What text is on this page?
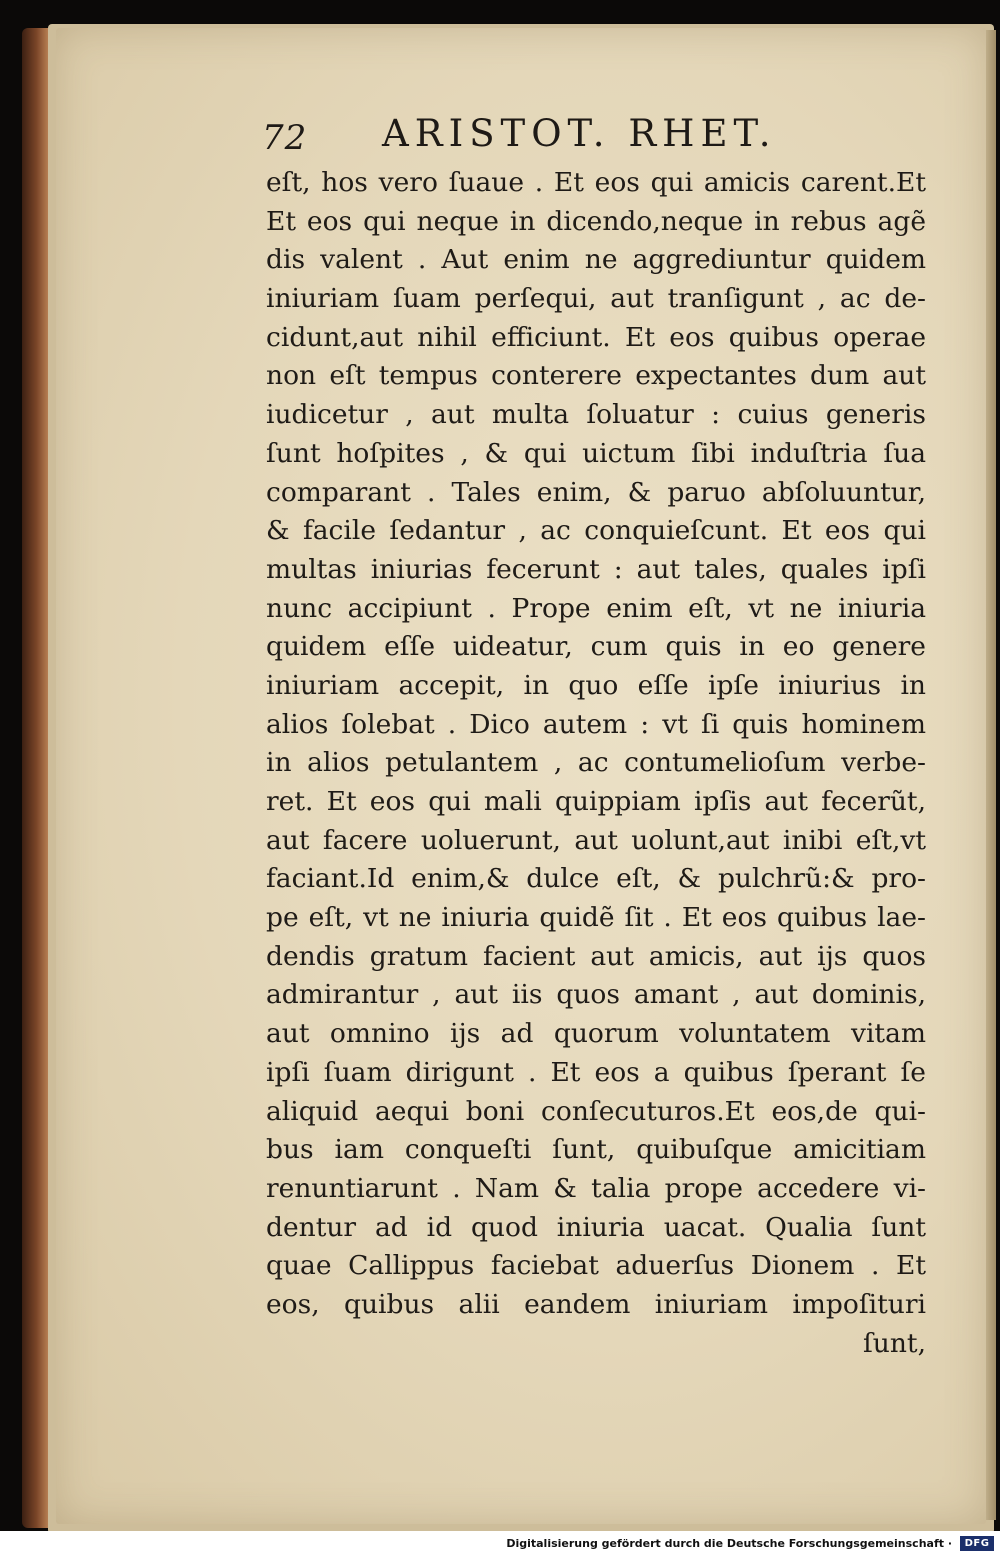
72 ARISTOT. RHET.
eſt, hos vero ſuaue . Et eos qui amicis carent.Et
Et eos qui neque in dicendo,neque in rebus agẽ
dis valent . Aut enim ne aggrediuntur quidem
iniuriam ſuam perſequi, aut tranſigunt , ac de-
cidunt,aut nihil efficiunt. Et eos quibus operae
non eſt tempus conterere expectantes dum aut
iudicetur , aut multa ſoluatur : cuius generis
ſunt hoſpites , & qui uictum ſibi induſtria ſua
comparant . Tales enim, & paruo abſoluuntur,
& facile ſedantur , ac conquieſcunt. Et eos qui
multas iniurias fecerunt : aut tales, quales ipſi
nunc accipiunt . Prope enim eſt, vt ne iniuria
quidem eſſe uideatur, cum quis in eo genere
iniuriam accepit, in quo eſſe ipſe iniurius in
alios ſolebat . Dico autem : vt ſi quis hominem
in alios petulantem , ac contumelioſum verbe-
ret. Et eos qui mali quippiam ipſis aut fecerũt,
aut facere uoluerunt, aut uolunt,aut inibi eſt,vt
faciant.Id enim,& dulce eſt, & pulchrũ:& pro-
pe eſt, vt ne iniuria quidẽ ſit . Et eos quibus lae-
dendis gratum facient aut amicis, aut ijs quos
admirantur , aut iis quos amant , aut dominis,
aut omnino ijs ad quorum voluntatem vitam
ipſi ſuam dirigunt . Et eos a quibus ſperant ſe
aliquid aequi boni conſecuturos.Et eos,de qui-
bus iam conqueſti ſunt, quibuſque amicitiam
renuntiarunt . Nam & talia prope accedere vi-
dentur ad id quod iniuria uacat. Qualia ſunt
quae Callippus faciebat aduerſus Dionem . Et
eos, quibus alii eandem iniuriam impoſituri
ſunt,
Digitalisierung gefördert durch die Deutsche Forschungsgemeinschaft ·	DFG
